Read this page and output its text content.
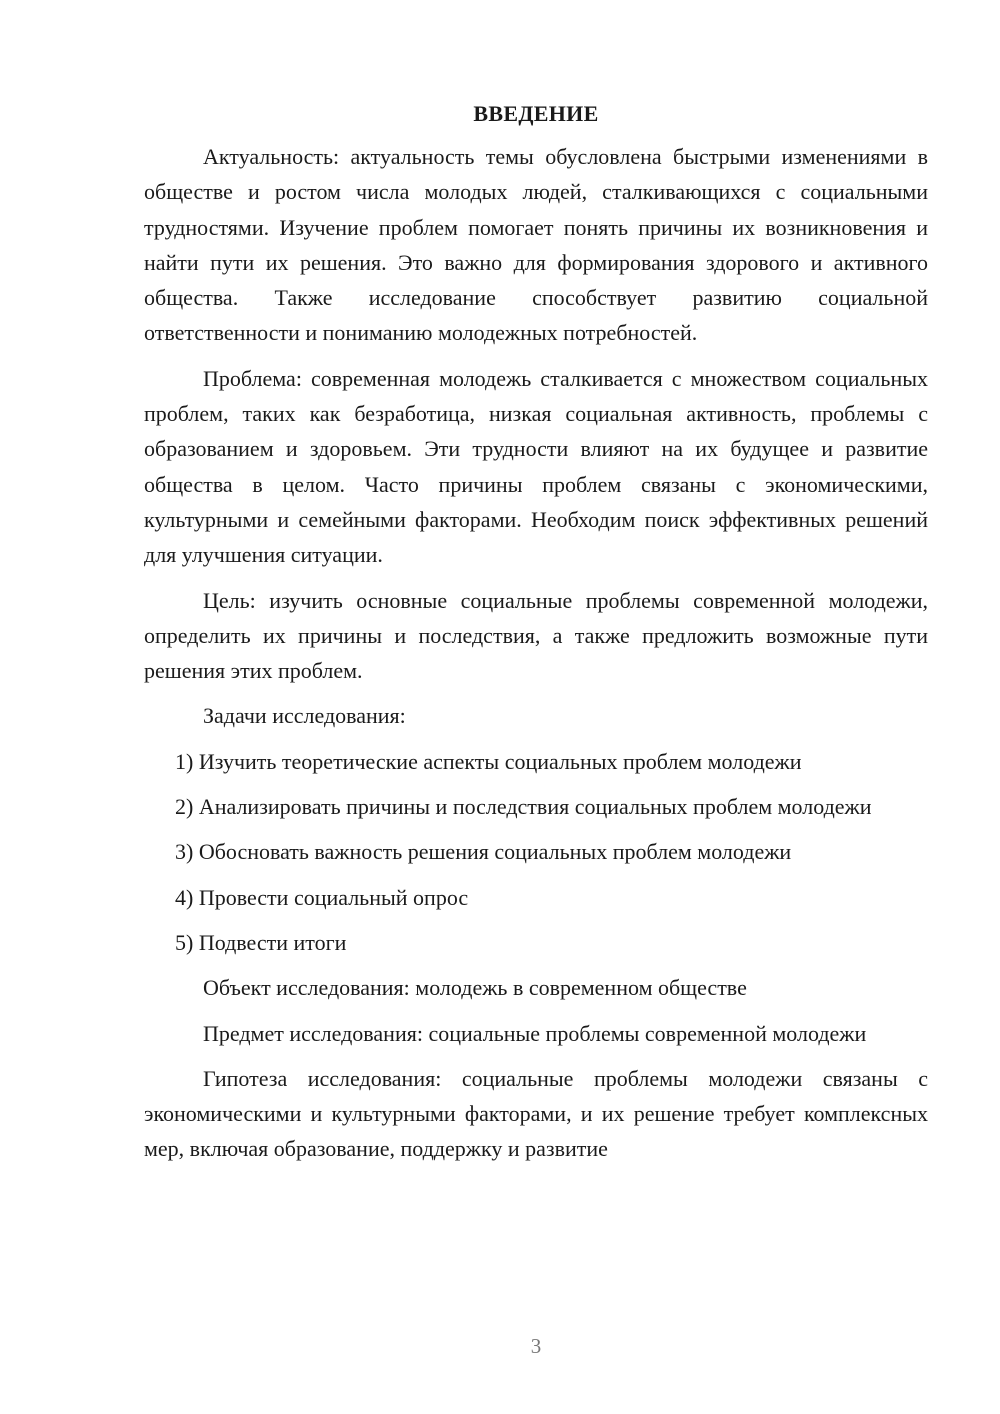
ВВЕДЕНИЕ

Актуальность: актуальность темы обусловлена быстрыми изменениями в обществе и ростом числа молодых людей, сталкивающихся с социальными трудностями. Изучение проблем помогает понять причины их возникновения и найти пути их решения. Это важно для формирования здорового и активного общества. Также исследование способствует развитию социальной ответственности и пониманию молодежных потребностей.

Проблема: современная молодежь сталкивается с множеством социальных проблем, таких как безработица, низкая социальная активность, проблемы с образованием и здоровьем. Эти трудности влияют на их будущее и развитие общества в целом. Часто причины проблем связаны с экономическими, культурными и семейными факторами. Необходим поиск эффективных решений для улучшения ситуации.

Цель: изучить основные социальные проблемы современной молодежи, определить их причины и последствия, а также предложить возможные пути решения этих проблем.

Задачи исследования:

1) Изучить теоретические аспекты социальных проблем молодежи

2) Анализировать причины и последствия социальных проблем молодежи

3) Обосновать важность решения социальных проблем молодежи

4) Провести социальный опрос

5) Подвести итоги

Объект исследования: молодежь в современном обществе

Предмет исследования: социальные проблемы современной молодежи

Гипотеза исследования: социальные проблемы молодежи связаны с экономическими и культурными факторами, и их решение требует комплексных мер, включая образование, поддержку и развитие

3
